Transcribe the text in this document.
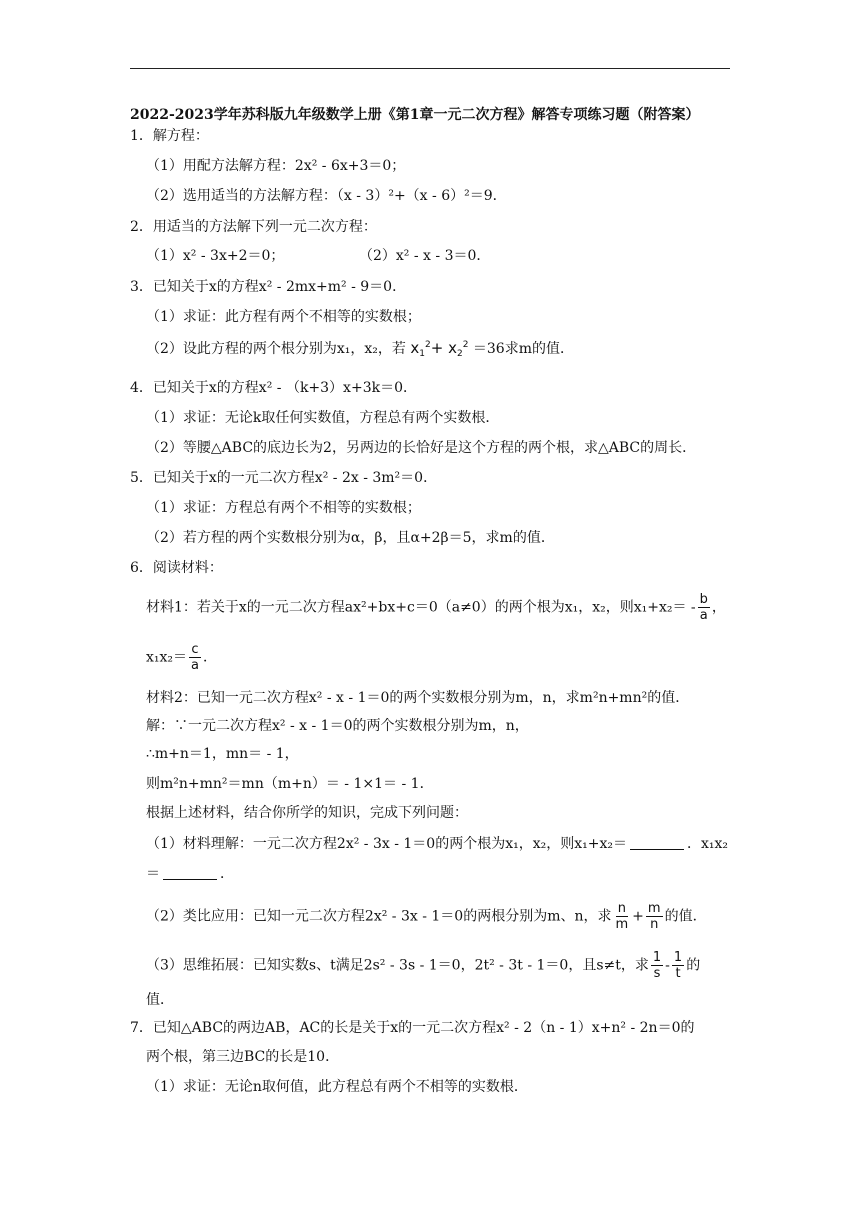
2022-2023学年苏科版九年级数学上册《第1章一元二次方程》解答专项练习题（附答案）
1．解方程：
（1）用配方法解方程：2x² - 6x+3＝0；
（2）选用适当的方法解方程：（x - 3）²+（x - 6）²＝9．
2．用适当的方法解下列一元二次方程：
（1）x² - 3x+2＝0；	（2）x² - x - 3＝0．
3．已知关于x的方程x² - 2mx+m² - 9＝0．
（1）求证：此方程有两个不相等的实数根；
（2）设此方程的两个根分别为x₁，x₂，若 $x_1^2+ x_2^2 =36$求m的值．
4．已知关于x的方程x² - （k+3）x+3k＝0．
（1）求证：无论k取任何实数值，方程总有两个实数根．
（2）等腰△ABC的底边长为2，另两边的长恰好是这个方程的两个根，求△ABC的周长．
5．已知关于x的一元二次方程x² - 2x - 3m²＝0．
（1）求证：方程总有两个不相等的实数根；
（2）若方程的两个实数根分别为α，β，且α+2β＝5，求m的值．
6．阅读材料：
材料1：若关于x的一元二次方程ax²+bx+c＝0（a≠0）的两个根为x₁，x₂，则$x_1+x_2= - \frac{b}{a}$ ，
$x_1x_2= \frac{c}{a}$ ．
材料2：已知一元二次方程x² - x - 1＝0的两个实数根分别为m，n，求m²n+mn²的值．
解：∵一元二次方程x² - x - 1＝0的两个实数根分别为m，n，
∴m+n＝1，mn＝ - 1，
则m²n+mn²＝mn（m+n）＝ - 1×1＝ - 1．
根据上述材料，结合你所学的知识，完成下列问题：
（1）材料理解：一元二次方程2x² - 3x - 1＝0的两个根为x₁，x₂，则x₁+x₂＝	．x₁x₂
＝	．
（2）类比应用：已知一元二次方程2x² - 3x - 1＝0的两根分别为m、n，求 $\frac{n}{m} + \frac{m}{n}$ 的值．
（3）思维拓展：已知实数s、t满足2s² - 3s - 1＝0，2t² - 3t - 1＝0，且s≠t，求 $\frac{1}{s} - \frac{1}{t}$ 的
值．
7．已知△ABC的两边AB，AC的长是关于x的一元二次方程x² - 2（n - 1）x+n² - 2n＝0的
两个根，第三边BC的长是10．
（1）求证：无论n取何值，此方程总有两个不相等的实数根．
